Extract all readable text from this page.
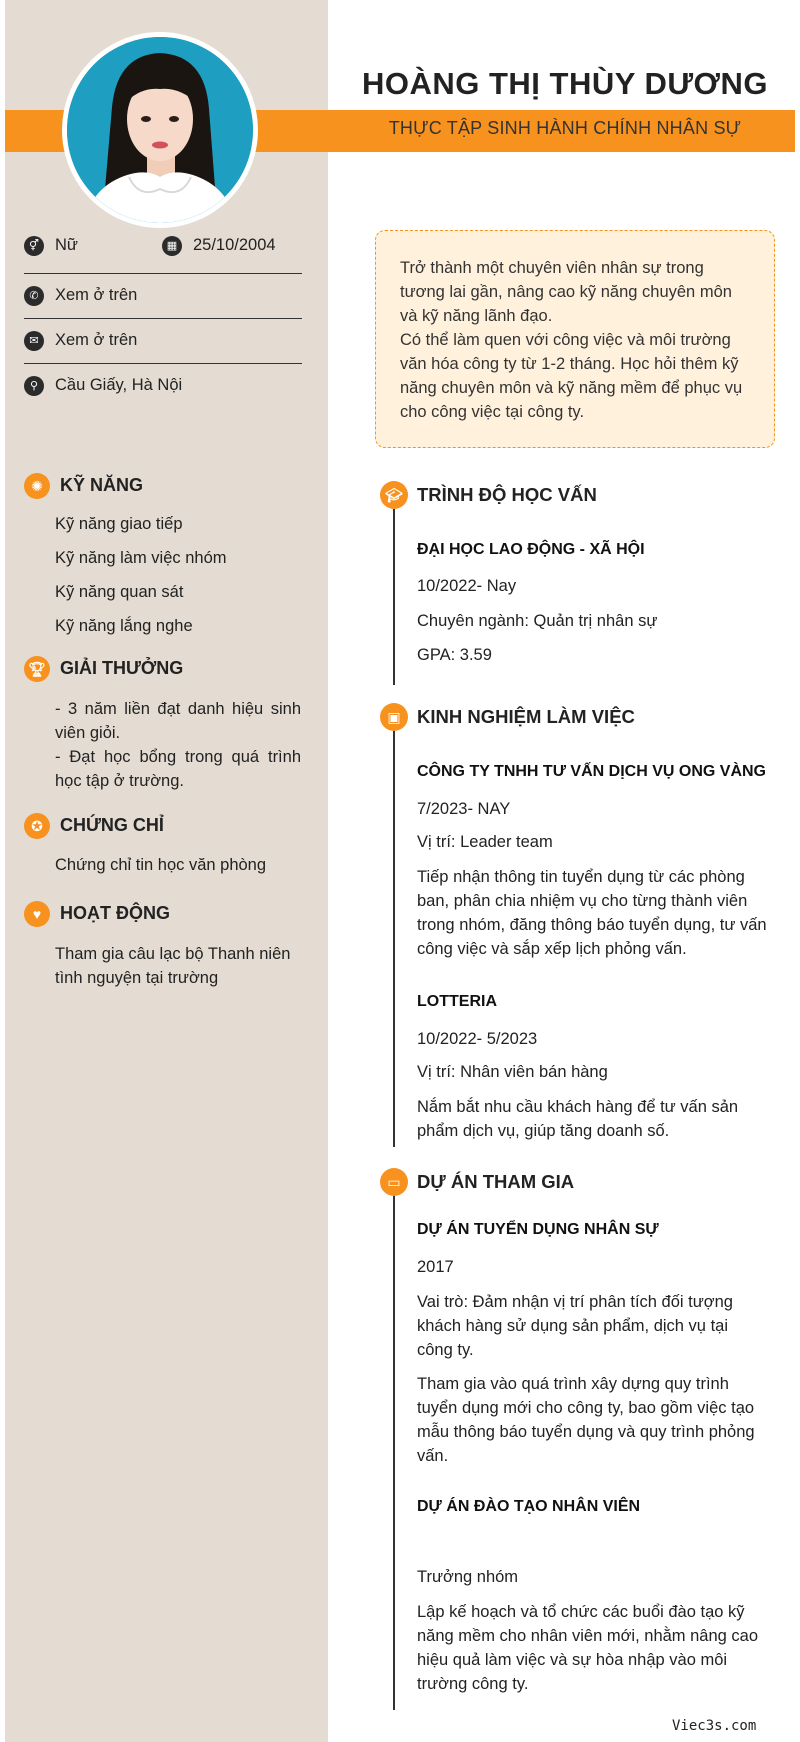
HOÀNG THỊ THÙY DƯƠNG
THỰC TẬP SINH HÀNH CHÍNH NHÂN SỰ
⚥ Nữ	▦ 25/10/2004
✆ Xem ở trên
✉ Xem ở trên
⚲	Cầu Giấy, Hà Nội
✺ KỸ NĂNG
Kỹ năng giao tiếp
Kỹ năng làm việc nhóm
Kỹ năng quan sát
Kỹ năng lắng nghe
🏆︎ GIẢI THƯỞNG
- 3 năm liền đạt danh hiệu sinh viên giỏi.
- Đạt học bổng trong quá trình học tập ở trường.
✪ CHỨNG CHỈ
Chứng chỉ tin học văn phòng
♥	HOẠT ĐỘNG
Tham gia câu lạc bộ Thanh niên tình nguyện tại trường
Trở thành một chuyên viên nhân sự trong tương lai gần, nâng cao kỹ năng chuyên môn và kỹ năng lãnh đạo.
Có thể làm quen với công việc và môi trường văn hóa công ty từ 1-2 tháng. Học hỏi thêm kỹ năng chuyên môn và kỹ năng mềm để phục vụ cho công việc tại công ty.
🎓︎ TRÌNH ĐỘ HỌC VẤN
ĐẠI HỌC LAO ĐỘNG - XÃ HỘI
10/2022- Nay
Chuyên ngành: Quản trị nhân sự
GPA: 3.59
▣ KINH NGHIỆM LÀM VIỆC
CÔNG TY TNHH TƯ VẤN DỊCH VỤ ONG VÀNG
7/2023- NAY
Vị trí: Leader team
Tiếp nhận thông tin tuyển dụng từ các phòng ban, phân chia nhiệm vụ cho từng thành viên trong nhóm, đăng thông báo tuyển dụng, tư vấn công việc và sắp xếp lịch phỏng vấn.
LOTTERIA
10/2022- 5/2023
Vị trí: Nhân viên bán hàng
Nắm bắt nhu cầu khách hàng để tư vấn sản phẩm dịch vụ, giúp tăng doanh số.
▭ DỰ ÁN THAM GIA
DỰ ÁN TUYỂN DỤNG NHÂN SỰ
2017
Vai trò: Đảm nhận vị trí phân tích đối tượng khách hàng sử dụng sản phẩm, dịch vụ tại công ty.
Tham gia vào quá trình xây dựng quy trình tuyển dụng mới cho công ty, bao gồm việc tạo mẫu thông báo tuyển dụng và quy trình phỏng vấn.
DỰ ÁN ĐÀO TẠO NHÂN VIÊN
Trưởng nhóm
Lập kế hoạch và tổ chức các buổi đào tạo kỹ năng mềm cho nhân viên mới, nhằm nâng cao hiệu quả làm việc và sự hòa nhập vào môi trường công ty.
Viec3s.com
